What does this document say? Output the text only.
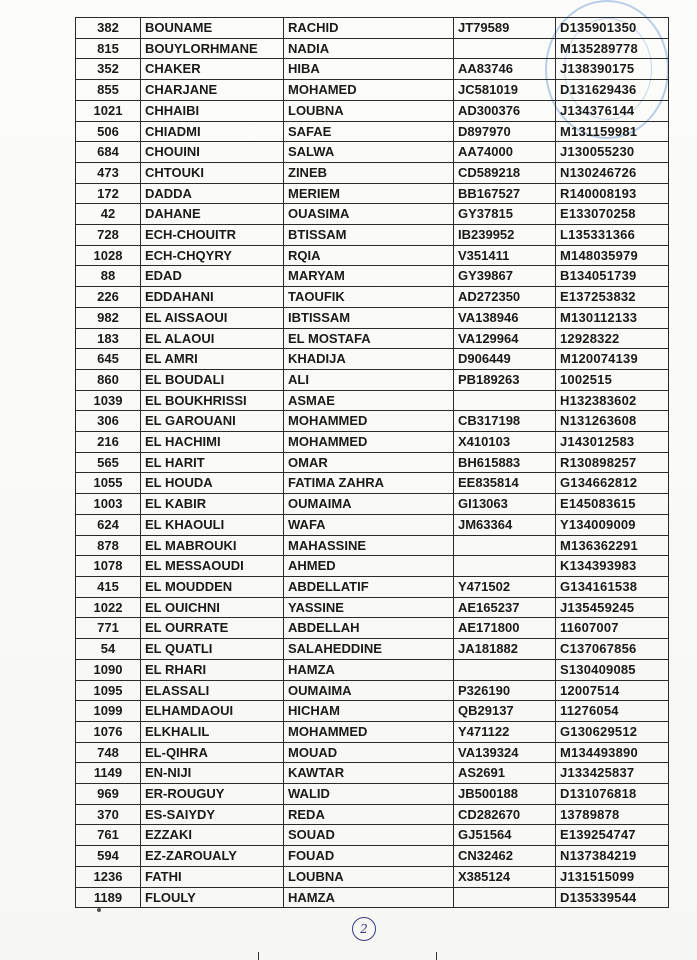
382	BOUNAME	RACHID	JT79589	D135901350
815	BOUYLORHMANE	NADIA		M135289778
352	CHAKER	HIBA	AA83746	J138390175
855	CHARJANE	MOHAMED	JC581019	D131629436
1021	CHHAIBI	LOUBNA	AD300376	J134376144
506	CHIADMI	SAFAE	D897970	M131159981
684	CHOUINI	SALWA	AA74000	J130055230
473	CHTOUKI	ZINEB	CD589218	N130246726
172	DADDA	MERIEM	BB167527	R140008193
42	DAHANE	OUASIMA	GY37815	E133070258
728	ECH-CHOUITR	BTISSAM	IB239952	L135331366
1028	ECH-CHQYRY	RQIA	V351411	M148035979
88	EDAD	MARYAM	GY39867	B134051739
226	EDDAHANI	TAOUFIK	AD272350	E137253832
982	EL AISSAOUI	IBTISSAM	VA138946	M130112133
183	EL ALAOUI	EL MOSTAFA	VA129964	12928322
645	EL AMRI	KHADIJA	D906449	M120074139
860	EL BOUDALI	ALI	PB189263	1002515
1039	EL BOUKHRISSI	ASMAE		H132383602
306	EL GAROUANI	MOHAMMED	CB317198	N131263608
216	EL HACHIMI	MOHAMMED	X410103	J143012583
565	EL HARIT	OMAR	BH615883	R130898257
1055	EL HOUDA	FATIMA ZAHRA	EE835814	G134662812
1003	EL KABIR	OUMAIMA	GI13063	E145083615
624	EL KHAOULI	WAFA	JM63364	Y134009009
878	EL MABROUKI	MAHASSINE		M136362291
1078	EL MESSAOUDI	AHMED		K134393983
415	EL MOUDDEN	ABDELLATIF	Y471502	G134161538
1022	EL OUICHNI	YASSINE	AE165237	J135459245
771	EL OURRATE	ABDELLAH	AE171800	11607007
54	EL QUATLI	SALAHEDDINE	JA181882	C137067856
1090	EL RHARI	HAMZA		S130409085
1095	ELASSALI	OUMAIMA	P326190	12007514
1099	ELHAMDAOUI	HICHAM	QB29137	11276054
1076	ELKHALIL	MOHAMMED	Y471122	G130629512
748	EL-QIHRA	MOUAD	VA139324	M134493890
1149	EN-NIJI	KAWTAR	AS2691	J133425837
969	ER-ROUGUY	WALID	JB500188	D131076818
370	ES-SAIYDY	REDA	CD282670	13789878
761	EZZAKI	SOUAD	GJ51564	E139254747
594	EZ-ZAROUALY	FOUAD	CN32462	N137384219
1236	FATHI	LOUBNA	X385124	J131515099
1189	FLOULY	HAMZA		D135339544
2
